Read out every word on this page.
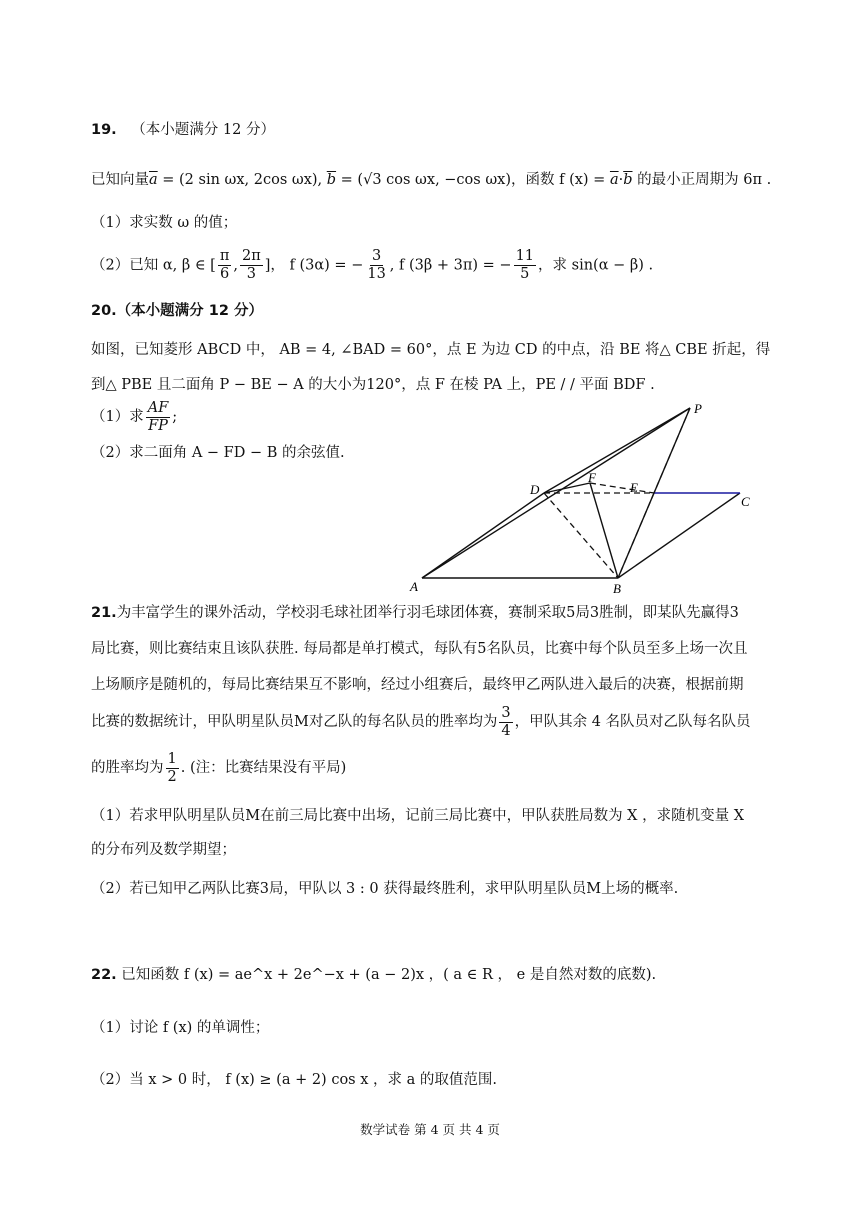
19. （本小题满分 12 分）
已知向量$\overline{a} = (2$ sin ωx, 2cos ωx), $\overline{b} = (√3$ cos ωx, −cos ωx)，函数 f $(x) = \overline{a}\cdot\overline{b}$ 的最小正周期为 6π .
（1）求实数 ω 的值；
（2）已知 α, β ∈ [ $\frac{\pi}{6}$ , $\frac{2\pi}{3}$ ]， f (3α) = − $\frac{3}{13}$ , f (3β + 3π) = − $\frac{11}{5}$ ，求 sin(α − β) .
20.（本小题满分 12 分）
如图，已知菱形 ABCD 中， AB = 4, ∠BAD = 60°，点 E 为边 CD 的中点，沿 BE 将△ CBE 折起，得
到△ PBE 且二面角 P − BE − A 的大小为120°，点 F 在棱 PA 上，PE / / 平面 BDF .
（1）求 $\frac{AF}{FP}$ ;
（2）求二面角 A − FD − B 的余弦值.
P
D
F
E
C
A	B
21.为丰富学生的课外活动，学校羽毛球社团举行羽毛球团体赛，赛制采取5局3胜制，即某队先赢得3
局比赛，则比赛结束且该队获胜. 每局都是单打模式，每队有5名队员，比赛中每个队员至多上场一次且
上场顺序是随机的，每局比赛结果互不影响，经过小组赛后，最终甲乙两队进入最后的决赛，根据前期
比赛的数据统计，甲队明星队员M对乙队的每名队员的胜率均为 $\frac{3}{4}$ ，甲队其余 4 名队员对乙队每名队员
的胜率均为 $\frac{1}{2}$ . (注：比赛结果没有平局)
（1）若求甲队明星队员M在前三局比赛中出场，记前三局比赛中，甲队获胜局数为 X ，求随机变量 X
的分布列及数学期望；
（2）若已知甲乙两队比赛3局，甲队以 3 : 0 获得最终胜利，求甲队明星队员M上场的概率.
22. 已知函数 f (x) = ae^x + 2e^−x + (a − 2)x ，( a ∈ R ， e 是自然对数的底数).
（1）讨论 f (x) 的单调性；
（2）当 x > 0 时， f (x) ≥ (a + 2) cos x ，求 a 的取值范围.
数学试卷 第 4 页 共 4 页
